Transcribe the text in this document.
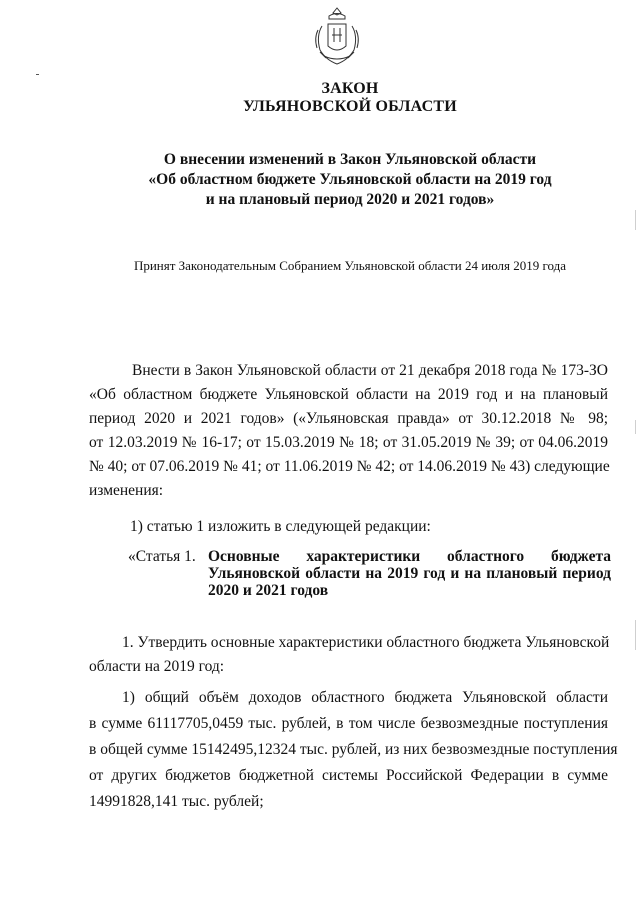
ЗАКОН
УЛЬЯНОВСКОЙ ОБЛАСТИ
О внесении изменений в Закон Ульяновской области
«Об областном бюджете Ульяновской области на 2019 год
и на плановый период 2020 и 2021 годов»
Принят Законодательным Собранием Ульяновской области 24 июля 2019 года
Внести в Закон Ульяновской области от 21 декабря 2018 года № 173-ЗО
«Об областном бюджете Ульяновской области на 2019 год и на плановый
период 2020 и 2021 годов» («Ульяновская правда» от 30.12.2018 № 98;
от 12.03.2019 № 16-17; от 15.03.2019 № 18; от 31.05.2019 № 39; от 04.06.2019
№ 40; от 07.06.2019 № 41; от 11.06.2019 № 42; от 14.06.2019 № 43) следующие
изменения:
1) статью 1 изложить в следующей редакции:
«Статья 1. Основные характеристики областного бюджета
Ульяновской области на 2019 год и на плановый период
2020 и 2021 годов
1. Утвердить основные характеристики областного бюджета Ульяновской
области на 2019 год:
1) общий объём доходов областного бюджета Ульяновской области
в сумме 61117705,0459 тыс. рублей, в том числе безвозмездные поступления
в общей сумме 15142495,12324 тыс. рублей, из них безвозмездные поступления
от других бюджетов бюджетной системы Российской Федерации в сумме
14991828,141 тыс. рублей;
